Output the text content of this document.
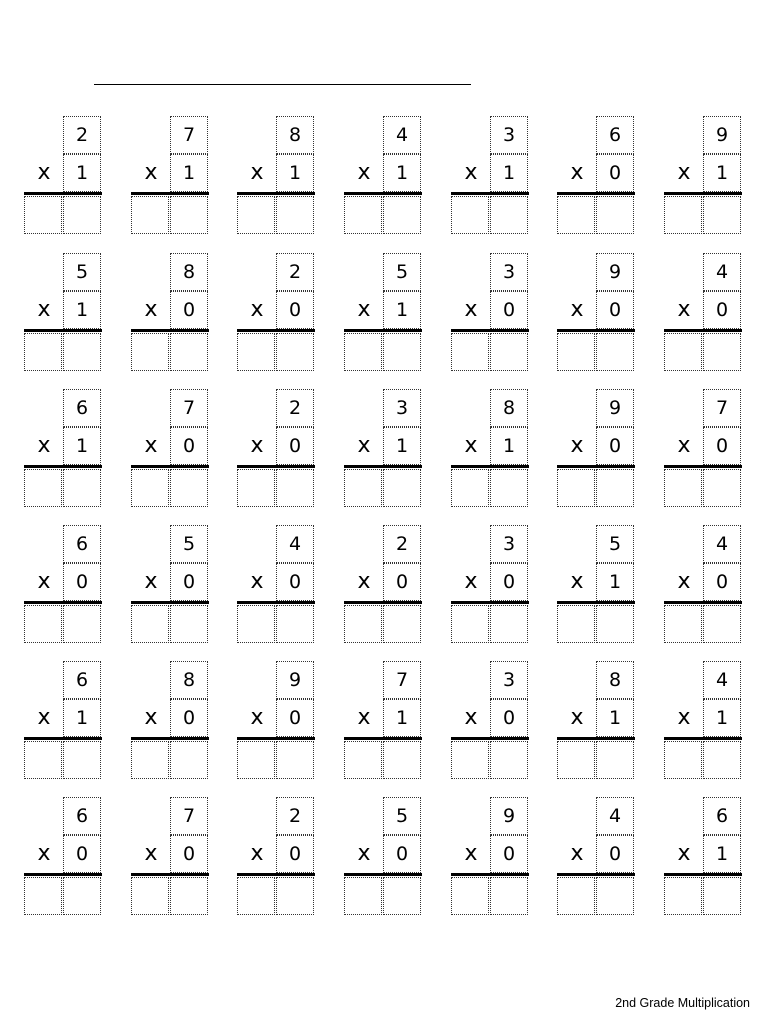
2
x	1
7
x	1
8
x	1
4
x	1
3
x	1
6
x	0
9
x	1
5
x	1
8
x	0
2
x	0
5
x	1
3
x	0
9
x	0
4
x	0
6
x	1
7
x	0
2
x	0
3
x	1
8
x	1
9
x	0
7
x	0
6
x	0
5
x	0
4
x	0
2
x	0
3
x	0
5
x	1
4
x	0
6
x	1
8
x	0
9
x	0
7
x	1
3
x	0
8
x	1
4
x	1
6
x	0
7
x	0
2
x	0
5
x	0
9
x	0
4
x	0
6
x	1
2nd Grade Multiplication
